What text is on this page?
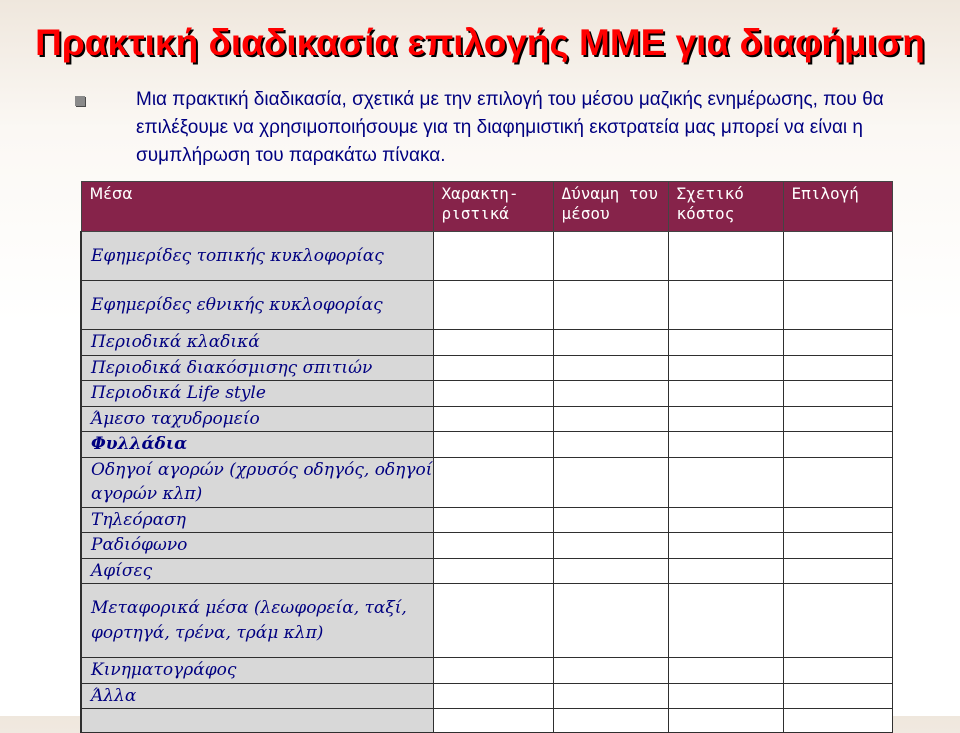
Πρακτική διαδικασία επιλογής ΜΜΕ για διαφήμιση

Μια πρακτική διαδικασία, σχετικά με την επιλογή του μέσου μαζικής ενημέρωσης, που θα επιλέξουμε να χρησιμοποιήσουμε για τη διαφημιστική εκστρατεία μας μπορεί να είναι η συμπλήρωση του παρακάτω πίνακα.

Μέσα	Χαρακτη-ριστικά	Δύναμη του μέσου	Σχετικό κόστος	Επιλογή
Εφημερίδες τοπικής κυκλοφορίας				
Εφημερίδες εθνικής κυκλοφορίας				
Περιοδικά κλαδικά				
Περιοδικά διακόσμισης σπιτιών				
Περιοδικά Life style				
Άμεσο ταχυδρομείο				
Φυλλάδια				
Οδηγοί αγορών (χρυσός οδηγός, οδηγοί αγορών κλπ)				
Τηλεόραση				
Ραδιόφωνο				
Αφίσες				
Μεταφορικά μέσα (λεωφορεία, ταξί, φορτηγά, τρένα, τράμ κλπ)				
Κινηματογράφος				
Άλλα				
